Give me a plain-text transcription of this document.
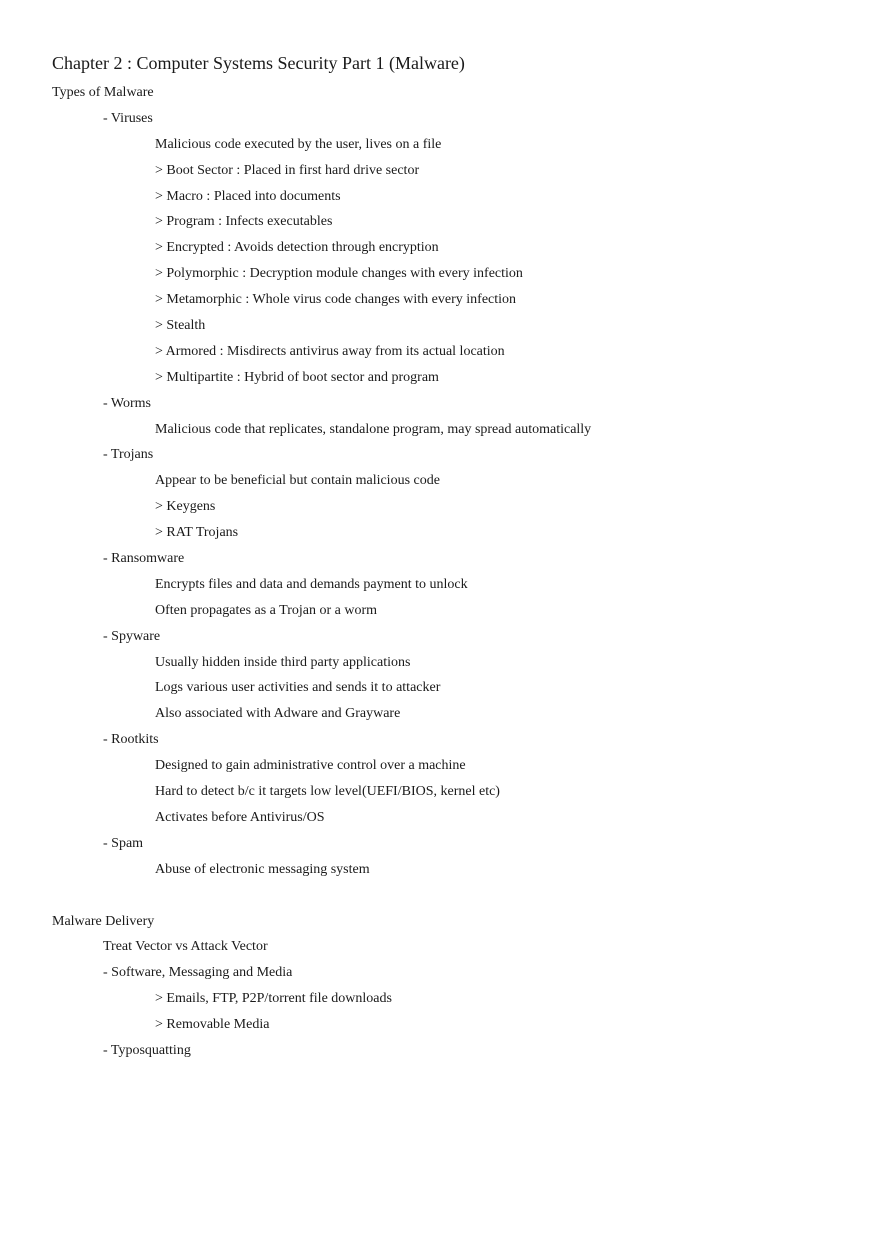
Chapter 2 : Computer Systems Security Part 1 (Malware)
Types of Malware
- Viruses
Malicious code executed by the user, lives on a file
> Boot Sector : Placed in first hard drive sector
> Macro : Placed into documents
> Program : Infects executables
> Encrypted : Avoids detection through encryption
> Polymorphic : Decryption module changes with every infection
> Metamorphic : Whole virus code changes with every infection
> Stealth
> Armored : Misdirects antivirus away from its actual location
> Multipartite : Hybrid of boot sector and program
- Worms
Malicious code that replicates, standalone program, may spread automatically
- Trojans
Appear to be beneficial but contain malicious code
> Keygens
> RAT Trojans
- Ransomware
Encrypts files and data and demands payment to unlock
Often propagates as a Trojan or a worm
- Spyware
Usually hidden inside third party applications
Logs various user activities and sends it to attacker
Also associated with Adware and Grayware
- Rootkits
Designed to gain administrative control over a machine
Hard to detect b/c it targets low level(UEFI/BIOS, kernel etc)
Activates before Antivirus/OS
- Spam
Abuse of electronic messaging system
Malware Delivery
Treat Vector vs Attack Vector
- Software, Messaging and Media
> Emails, FTP, P2P/torrent file downloads
> Removable Media
- Typosquatting
